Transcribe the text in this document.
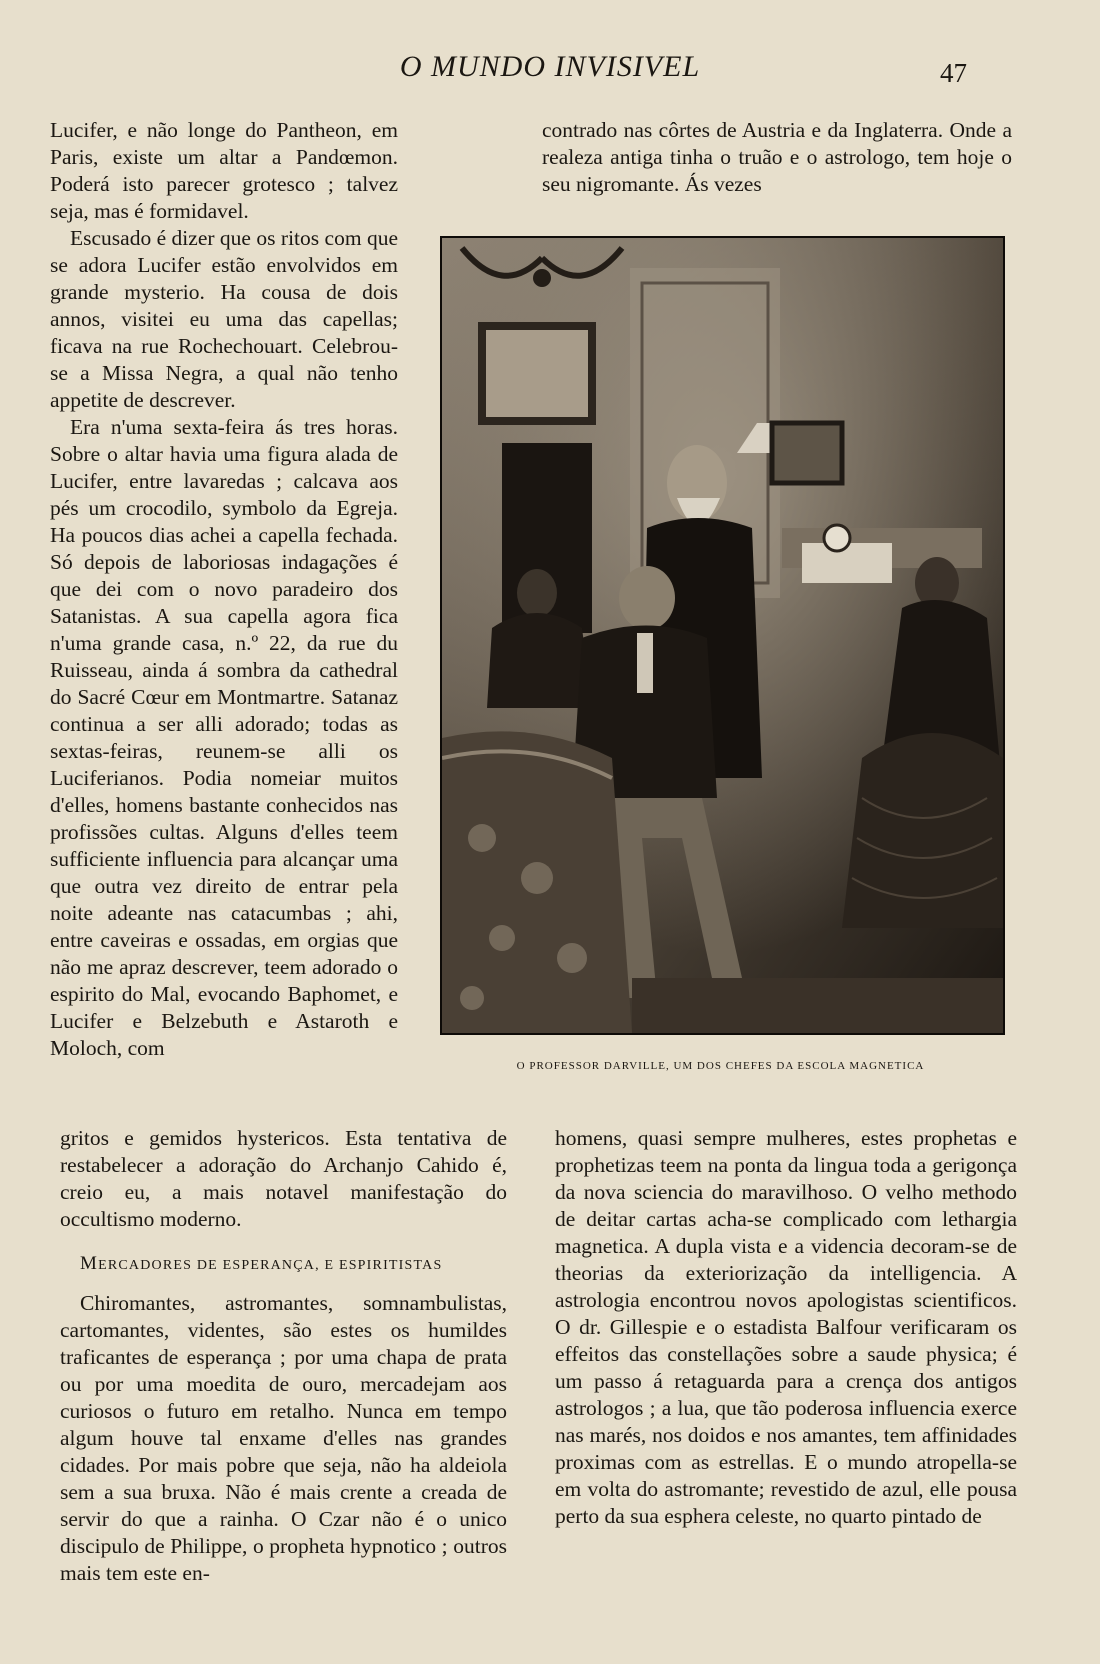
O MUNDO INVISIVEL	47

Lucifer, e não longe do Pantheon, em Paris, existe um altar a Pandœmon. Poderá isto parecer grotesco ; talvez seja, mas é formidavel.

Escusado é dizer que os ritos com que se adora Lucifer estão envolvidos em grande mysterio. Ha cousa de dois annos, visitei eu uma das capellas; ficava na rue Rochechouart. Celebrou-se a Missa Negra, a qual não tenho appetite de descrever.

Era n'uma sexta-feira ás tres horas. Sobre o altar havia uma figura alada de Lucifer, entre lavaredas ; calcava aos pés um crocodilo, symbolo da Egreja. Ha poucos dias achei a capella fechada. Só depois de laboriosas indagações é que dei com o novo paradeiro dos Satanistas. A sua capella agora fica n'uma grande casa, n.º 22, da rue du Ruisseau, ainda á sombra da cathedral do Sacré Cœur em Montmartre. Satanaz continua a ser alli adorado; todas as sextas-feiras, reunem-se alli os Luciferianos. Podia nomeiar muitos d'elles, homens bastante conhecidos nas profissões cultas. Alguns d'elles teem sufficiente influencia para alcançar uma que outra vez direito de entrar pela noite adeante nas catacumbas ; ahi, entre caveiras e ossadas, em orgias que não me apraz descrever, teem adorado o espirito do Mal, evocando Baphomet, e Lucifer e Belzebuth e Astaroth e Moloch, com

gritos e gemidos hystericos. Esta tentativa de restabelecer a adoração do Archanjo Cahido é, creio eu, a mais notavel manifestação do occultismo moderno.

MERCADORES DE ESPERANÇA, E ESPIRITISTAS

Chiromantes, astromantes, somnambulistas, cartomantes, videntes, são estes os humildes traficantes de esperança ; por uma chapa de prata ou por uma moedita de ouro, mercadejam aos curiosos o futuro em retalho. Nunca em tempo algum houve tal enxame d'elles nas grandes cidades. Por mais pobre que seja, não ha aldeiola sem a sua bruxa. Não é mais crente a creada de servir do que a rainha. O Czar não é o unico discipulo de Philippe, o propheta hypnotico ; outros mais tem este en-

contrado nas côrtes de Austria e da Inglaterra. Onde a realeza antiga tinha o truão e o astrologo, tem hoje o seu nigromante. Ás vezes

O PROFESSOR DARVILLE, UM DOS CHEFES DA ESCOLA MAGNETICA

homens, quasi sempre mulheres, estes prophetas e prophetizas teem na ponta da lingua toda a gerigonça da nova sciencia do maravilhoso. O velho methodo de deitar cartas acha-se complicado com lethargia magnetica. A dupla vista e a videncia decoram-se de theorias da exteriorização da intelligencia. A astrologia encontrou novos apologistas scientificos. O dr. Gillespie e o estadista Balfour verificaram os effeitos das constellações sobre a saude physica; é um passo á retaguarda para a crença dos antigos astrologos ; a lua, que tão poderosa influencia exerce nas marés, nos doidos e nos amantes, tem affinidades proximas com as estrellas. E o mundo atropella-se em volta do astromante; revestido de azul, elle pousa perto da sua esphera celeste, no quarto pintado de
